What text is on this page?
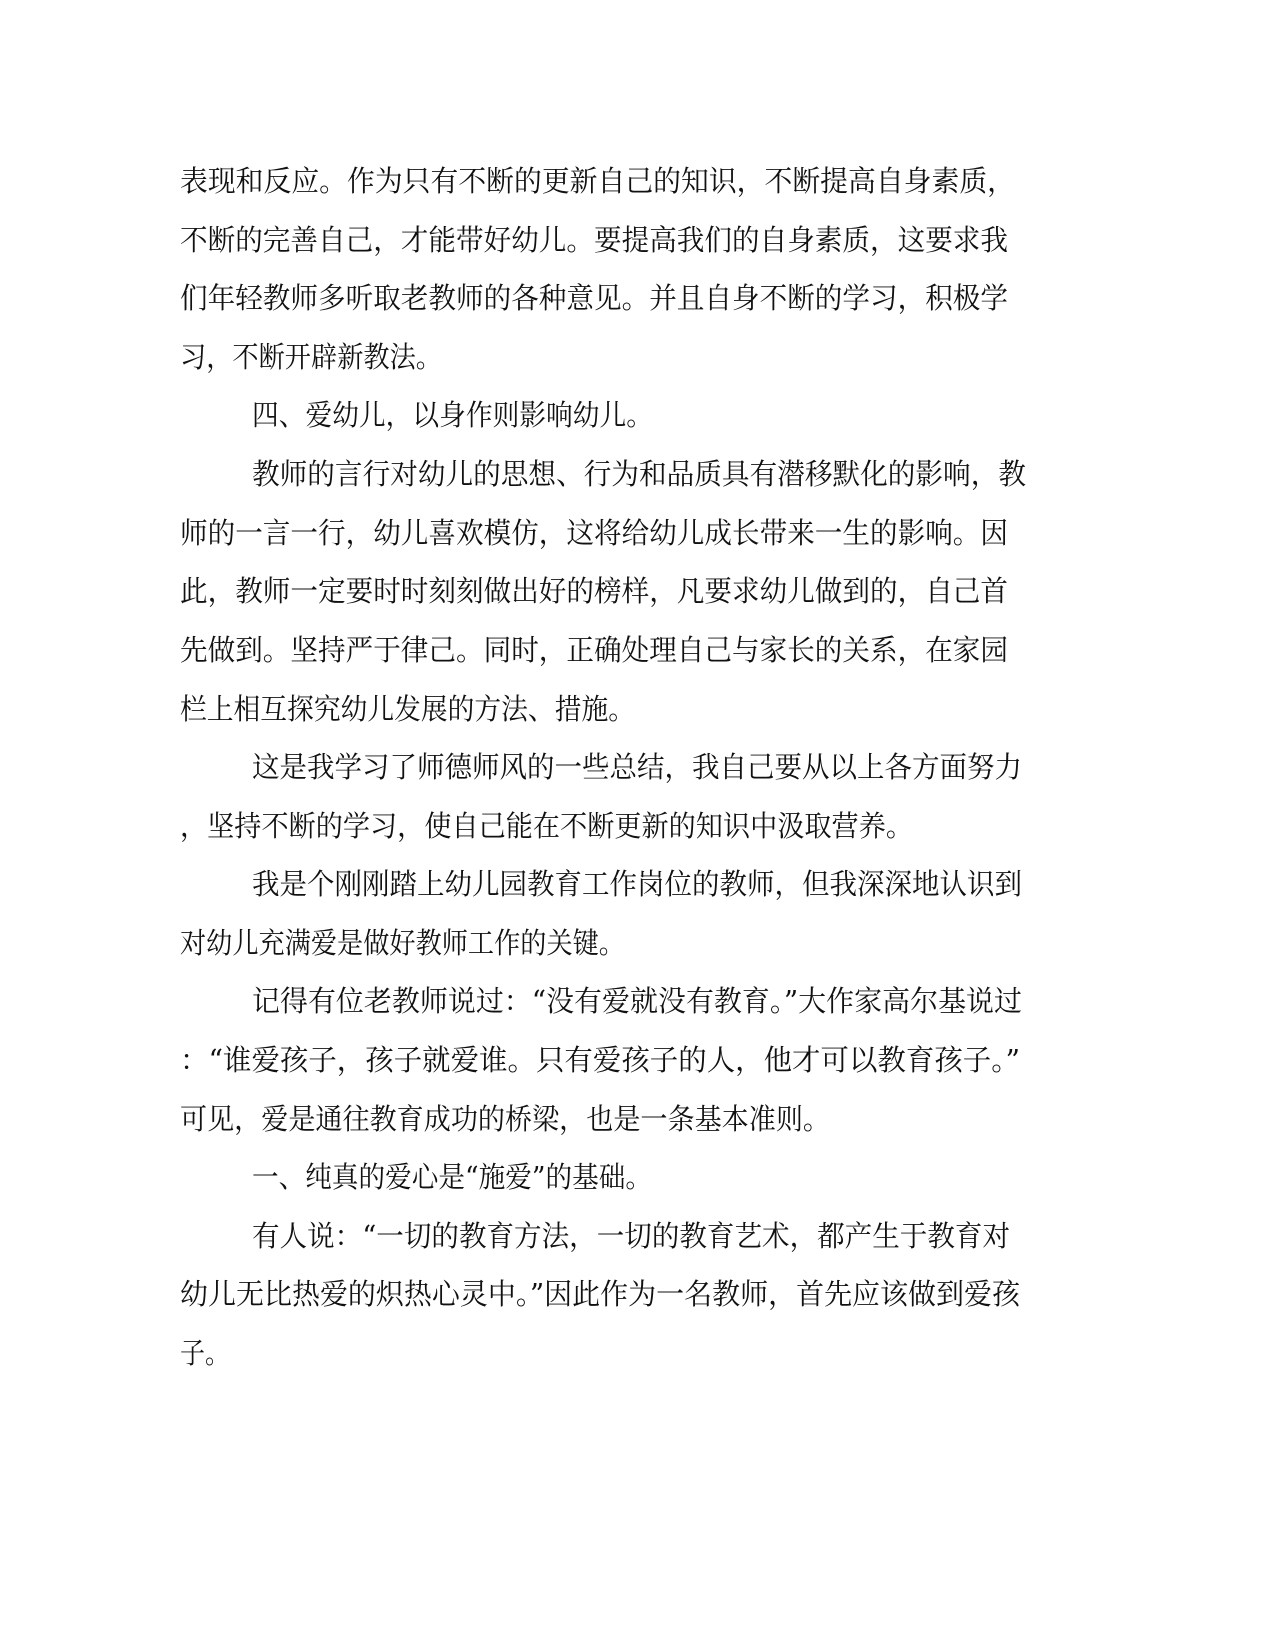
表现和反应。作为只有不断的更新自己的知识，不断提高自身素质，
不断的完善自己，才能带好幼儿。要提高我们的自身素质，这要求我
们年轻教师多听取老教师的各种意见。并且自身不断的学习，积极学
习，不断开辟新教法。
四、爱幼儿，以身作则影响幼儿。
教师的言行对幼儿的思想、行为和品质具有潜移默化的影响，教
师的一言一行，幼儿喜欢模仿，这将给幼儿成长带来一生的影响。因
此，教师一定要时时刻刻做出好的榜样，凡要求幼儿做到的，自己首
先做到。坚持严于律己。同时，正确处理自己与家长的关系，在家园
栏上相互探究幼儿发展的方法、措施。
这是我学习了师德师风的一些总结，我自己要从以上各方面努力
，坚持不断的学习，使自己能在不断更新的知识中汲取营养。
我是个刚刚踏上幼儿园教育工作岗位的教师，但我深深地认识到
对幼儿充满爱是做好教师工作的关键。
记得有位老教师说过：“没有爱就没有教育。”大作家高尔基说过
：“谁爱孩子，孩子就爱谁。只有爱孩子的人，他才可以教育孩子。”
可见，爱是通往教育成功的桥梁，也是一条基本准则。
一、纯真的爱心是“施爱”的基础。
有人说：“一切的教育方法，一切的教育艺术，都产生于教育对
幼儿无比热爱的炽热心灵中。”因此作为一名教师，首先应该做到爱孩
子。
